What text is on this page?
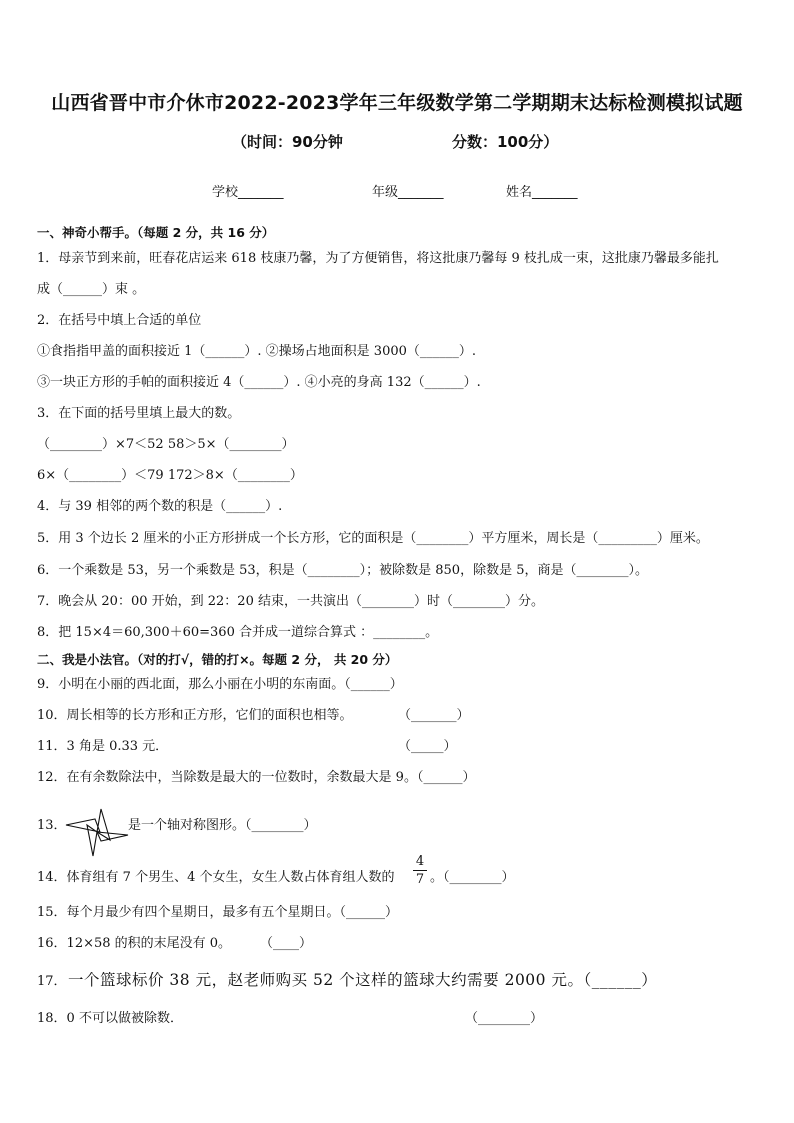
山西省晋中市介休市2022-2023学年三年级数学第二学期期末达标检测模拟试题
（时间：90分钟	分数：100分）
学校_______	年级_______	姓名_______
一、神奇小帮手。（每题 2 分，共 16 分）
1．母亲节到来前，旺春花店运来 618 枝康乃馨，为了方便销售，将这批康乃馨每 9 枝扎成一束，这批康乃馨最多能扎
成（______）束 。
2．在括号中填上合适的单位
①食指指甲盖的面积接近 1（______）. ②操场占地面积是 3000（______）.
③一块正方形的手帕的面积接近 4（______）. ④小亮的身高 132（______）.
3．在下面的括号里填上最大的数。
（________）×7＜52 58＞5×（________）
6×（________）＜79 172＞8×（________）
4．与 39 相邻的两个数的积是（______）.
5．用 3 个边长 2 厘米的小正方形拼成一个长方形，它的面积是（________）平方厘米，周长是（_________）厘米。
6．一个乘数是 53，另一个乘数是 53，积是（________）；被除数是 850，除数是 5，商是（________）。
7．晚会从 20：00 开始，到 22：20 结束，一共演出（________）时（________）分。
8．把 15×4＝60,300＋60=360 合并成一道综合算式 ：________。
二、我是小法官。（对的打√，错的打×。每题 2 分， 共 20 分）
9．小明在小丽的西北面，那么小丽在小明的东南面。（______）
10．周长相等的长方形和正方形，它们的面积也相等。	（_______）
11．3 角是 0.33 元．	（_____）
12．在有余数除法中，当除数是最大的一位数时，余数最大是 9。（______）
13．	是一个轴对称图形。（________）
14．体育组有 7 个男生、4 个女生，女生人数占体育组人数的
4
7 。（________）
15．每个月最少有四个星期日，最多有五个星期日。（______）
16．12×58 的积的末尾没有 0。 （____）
17． 一个篮球标价 38 元，赵老师购买 52 个这样的篮球大约需要 2000 元。（______）
18．0 不可以做被除数．	（________）
